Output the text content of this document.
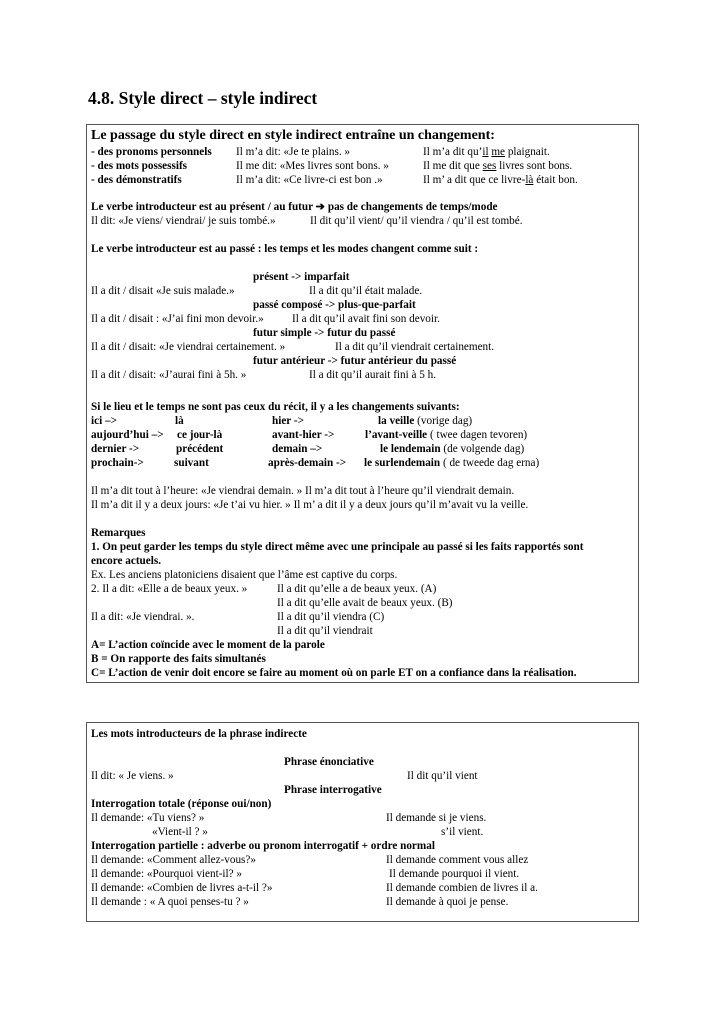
4.8. Style direct – style indirect
Le passage du style direct en style indirect entraîne un changement:
- des pronoms personnels Il m’a dit: «Je te plains. »	Il m’a dit qu’il me plaignait.
- des mots possessifs	Il me dit: «Mes livres sont bons. »	Il me dit que ses livres sont bons.
- des démonstratifs	Il m’a dit: «Ce livre-ci est bon .»	Il m’ a dit que ce livre-là était bon.
Le verbe introducteur est au présent / au futur ➔ pas de changements de temps/mode
Il dit: «Je viens/ viendrai/ je suis tombé.»	Il dit qu’il vient/ qu’il viendra / qu’il est tombé.
Le verbe introducteur est au passé : les temps et les modes changent comme suit :
présent -> imparfait
Il a dit / disait «Je suis malade.»	Il a dit qu’il était malade.
passé composé -> plus-que-parfait
Il a dit / disait : «J’ai fini mon devoir.»	Il a dit qu’il avait fini son devoir.
futur simple -> futur du passé
Il a dit / disait: «Je viendrai certainement. »	Il a dit qu’il viendrait certainement.
futur antérieur -> futur antérieur du passé
Il a dit / disait: «J’aurai fini à 5h. »	Il a dit qu’il aurait fini à 5 h.
Si le lieu et le temps ne sont pas ceux du récit, il y a les changements suivants:
ici –>	là	hier ->	la veille (vorige dag)
aujourd’hui –> ce jour-là	avant-hier ->	l’avant-veille ( twee dagen tevoren)
dernier ->	précédent	demain –>	le lendemain (de volgende dag)
prochain->	suivant	après-demain -> le surlendemain ( de tweede dag erna)
Il m’a dit tout à l’heure: «Je viendrai demain. » Il m’a dit tout à l’heure qu’il viendrait demain.
Il m’a dit il y a deux jours: «Je t’ai vu hier. » Il m’ a dit il y a deux jours qu’il m’avait vu la veille.
Remarques
1. On peut garder les temps du style direct même avec une principale au passé si les faits rapportés sont
encore actuels.
Ex. Les anciens platoniciens disaient que l’âme est captive du corps.
2. Il a dit: «Elle a de beaux yeux. »	Il a dit qu’elle a de beaux yeux. (A)
Il a dit qu’elle avait de beaux yeux. (B)
Il a dit: «Je viendrai. ».	Il a dit qu’il viendra (C)
Il a dit qu’il viendrait
A= L’action coïncide avec le moment de la parole
B = On rapporte des faits simultanés
C= L’action de venir doit encore se faire au moment où on parle ET on a confiance dans la réalisation.
Les mots introducteurs de la phrase indirecte
Phrase énonciative
Il dit: « Je viens. »	Il dit qu’il vient
Phrase interrogative
Interrogation totale (réponse oui/non)
Il demande: «Tu viens? »	Il demande si je viens.
«Vient-il ? »	s’il vient.
Interrogation partielle : adverbe ou pronom interrogatif + ordre normal
Il demande: «Comment allez-vous?»	Il demande comment vous allez
Il demande: «Pourquoi vient-il? »	Il demande pourquoi il vient.
Il demande: «Combien de livres a-t-il ?»	Il demande combien de livres il a.
Il demande : « A quoi penses-tu ? »	Il demande à quoi je pense.
